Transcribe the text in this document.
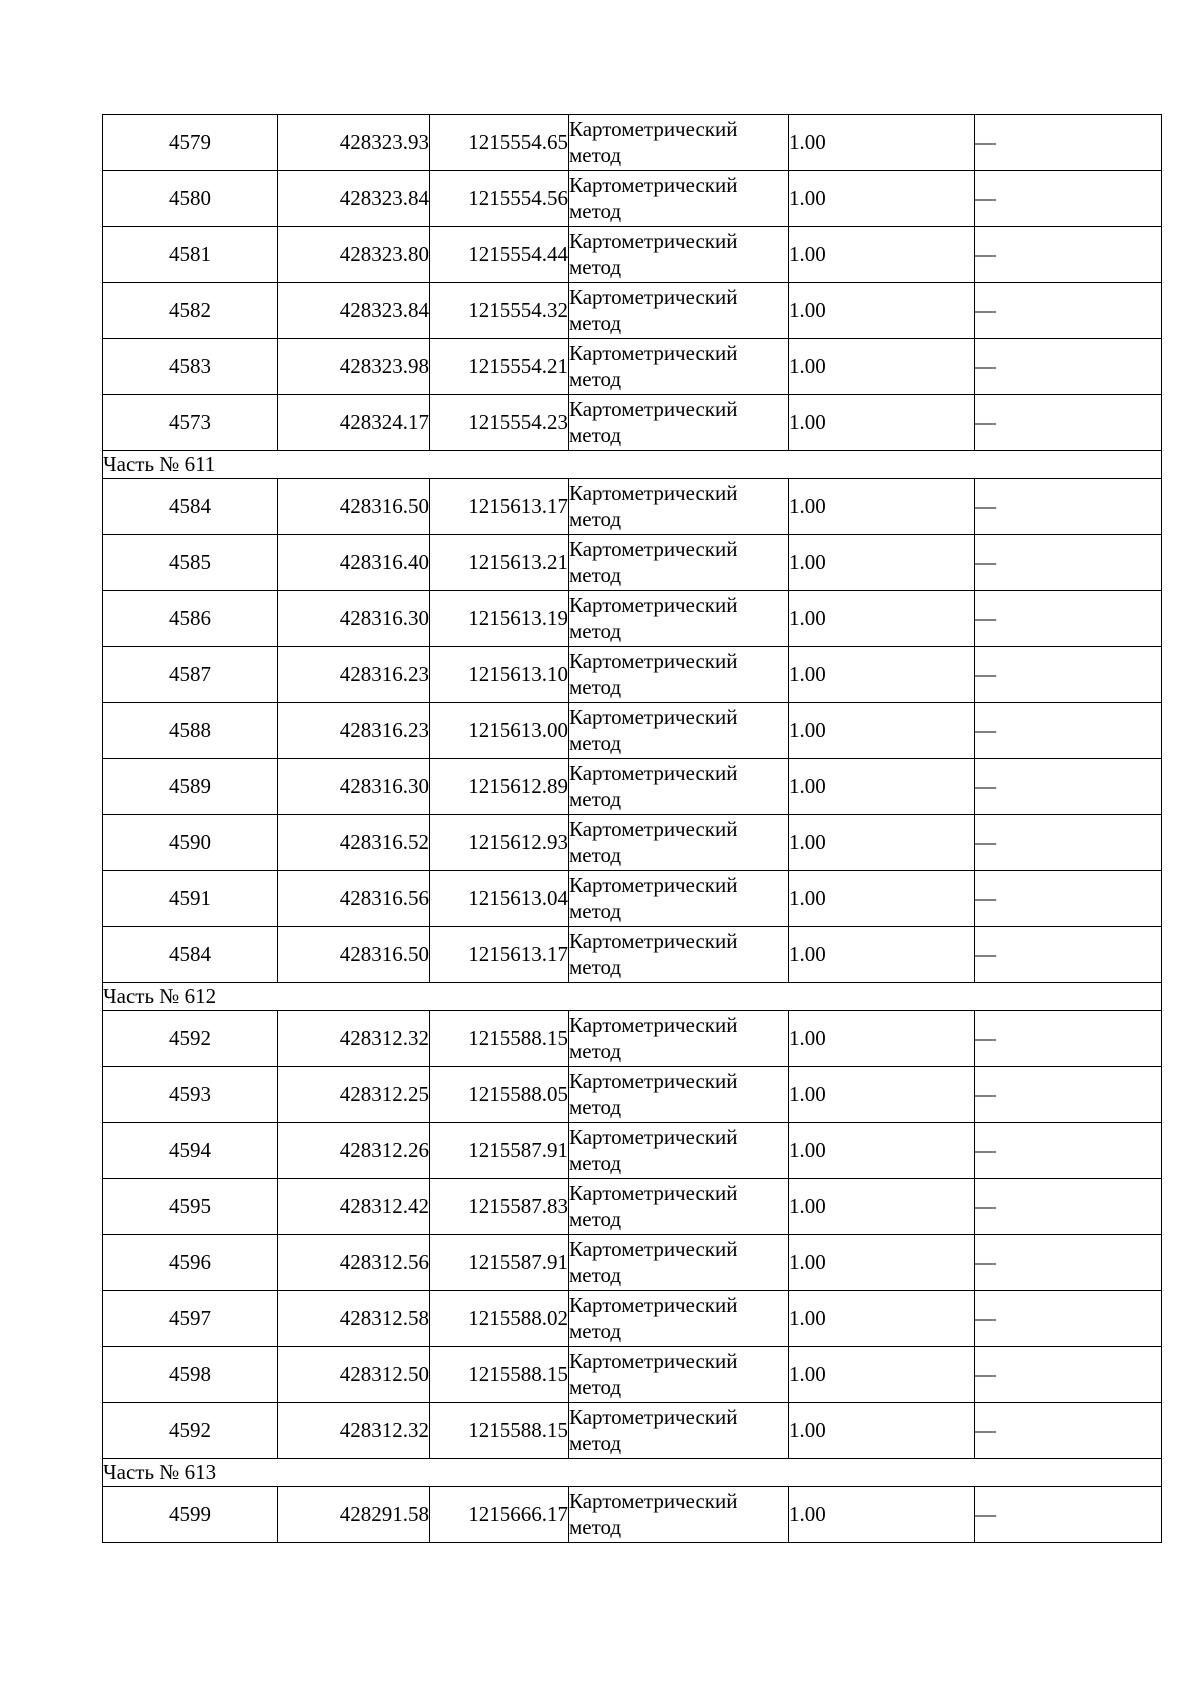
4579	428323.93	1215554.65	Картометрический
метод	1.00	—
4580	428323.84	1215554.56	Картометрический
метод	1.00	—
4581	428323.80	1215554.44	Картометрический
метод	1.00	—
4582	428323.84	1215554.32	Картометрический
метод	1.00	—
4583	428323.98	1215554.21	Картометрический
метод	1.00	—
4573	428324.17	1215554.23	Картометрический
метод	1.00	—
Часть № 611					
4584	428316.50	1215613.17	Картометрический
метод	1.00	—
4585	428316.40	1215613.21	Картометрический
метод	1.00	—
4586	428316.30	1215613.19	Картометрический
метод	1.00	—
4587	428316.23	1215613.10	Картометрический
метод	1.00	—
4588	428316.23	1215613.00	Картометрический
метод	1.00	—
4589	428316.30	1215612.89	Картометрический
метод	1.00	—
4590	428316.52	1215612.93	Картометрический
метод	1.00	—
4591	428316.56	1215613.04	Картометрический
метод	1.00	—
4584	428316.50	1215613.17	Картометрический
метод	1.00	—
Часть № 612					
4592	428312.32	1215588.15	Картометрический
метод	1.00	—
4593	428312.25	1215588.05	Картометрический
метод	1.00	—
4594	428312.26	1215587.91	Картометрический
метод	1.00	—
4595	428312.42	1215587.83	Картометрический
метод	1.00	—
4596	428312.56	1215587.91	Картометрический
метод	1.00	—
4597	428312.58	1215588.02	Картометрический
метод	1.00	—
4598	428312.50	1215588.15	Картометрический
метод	1.00	—
4592	428312.32	1215588.15	Картометрический
метод	1.00	—
Часть № 613					
4599	428291.58	1215666.17	Картометрический
метод	1.00	—
